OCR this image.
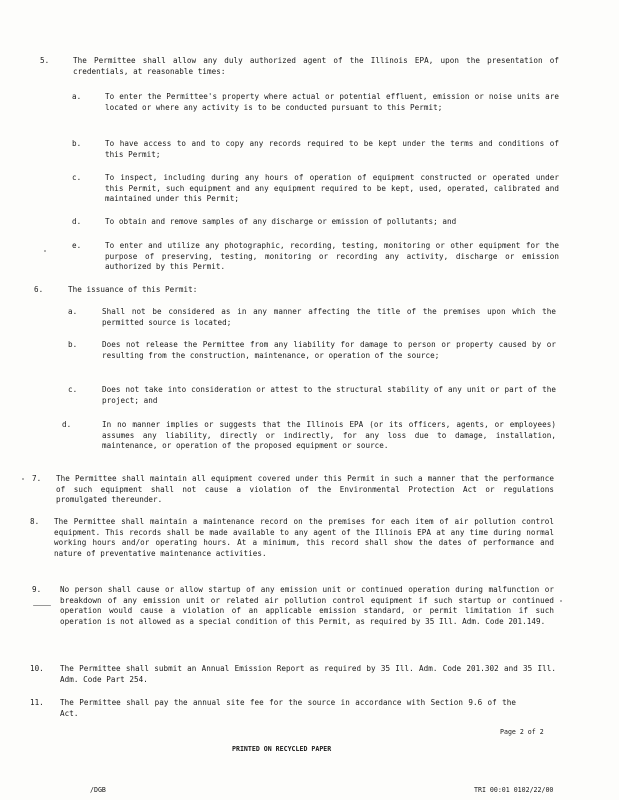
5.	The Permittee shall allow any duly authorized agent of the Illinois EPA, upon the presentation of credentials, at reasonable times:
a.	To enter the Permittee's property where actual or potential effluent, emission or noise units are located or where any activity is to be conducted pursuant to this Permit;
b.	To have access to and to copy any records required to be kept under the terms and conditions of this Permit;
c.	To inspect, including during any hours of operation of equipment constructed or operated under this Permit, such equipment and any equipment required to be kept, used, operated, calibrated and maintained under this Permit;
d.	To obtain and remove samples of any discharge or emission of pollutants; and
e.	To enter and utilize any photographic, recording, testing, monitoring or other equipment for the purpose of preserving, testing, monitoring or recording any activity, discharge or emission authorized by this Permit.
6.	The issuance of this Permit:
a.	Shall not be considered as in any manner affecting the title of the premises upon which the permitted source is located;
b.	Does not release the Permittee from any liability for damage to person or property caused by or resulting from the construction, maintenance, or operation of the source;
c.	Does not take into consideration or attest to the structural stability of any unit or part of the project; and
d.	In no manner implies or suggests that the Illinois EPA (or its officers, agents, or employees) assumes any liability, directly or indirectly, for any loss due to damage, installation, maintenance, or operation of the proposed equipment or source.
7. The Permittee shall maintain all equipment covered under this Permit in such a manner that the performance of such equipment shall not cause a violation of the Environmental Protection Act or regulations promulgated thereunder.
8. The Permittee shall maintain a maintenance record on the premises for each item of air pollution control equipment. This records shall be made available to any agent of the Illinois EPA at any time during normal working hours and/or operating hours. At a minimum, this record shall show the dates of performance and nature of preventative maintenance activities.
9. No person shall cause or allow startup of any emission unit or continued operation during malfunction or breakdown of any emission unit or related air pollution control equipment if such startup or continued operation would cause a violation of an applicable emission standard, or permit limitation if such operation is not allowed as a special condition of this Permit, as required by 35 Ill. Adm. Code 201.149.
10. The Permittee shall submit an Annual Emission Report as required by 35 Ill. Adm. Code 201.302 and 35 Ill. Adm. Code Part 254.
11. The Permittee shall pay the annual site fee for the source in accordance with Section 9.6 of the Act.
Page 2 of 2
PRINTED ON RECYCLED PAPER
/DGB	TRI 00:01 0102/22/00
